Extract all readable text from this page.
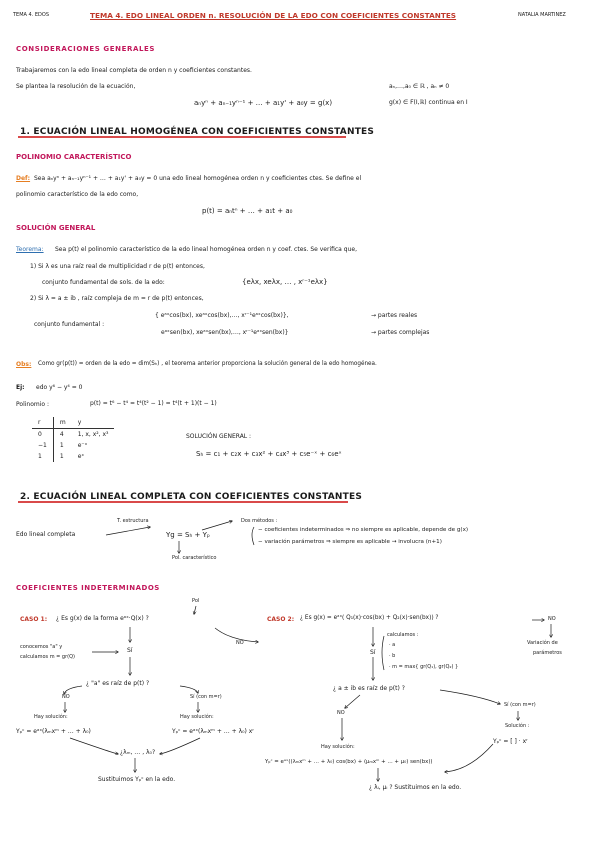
TEMA 4. EDOS	TEMA 4. EDO LINEAL ORDEN n. RESOLUCIÓN DE LA EDO CON COEFICIENTES CONSTANTES	NATALIA MARTINEZ
CONSIDERACIONES GENERALES
Trabajaremos con la edo lineal completa de orden n y coeficientes constantes.
Se plantea la resolución de la ecuación,
aₙyⁿ + aₙ₋₁yⁿ⁻¹ + … + a₁y' + a₀y = g(x)
aₙ,…,a₀ ∈ ℝ , aₙ ≠ 0
g(x) ∈ F(I,ℝ) continua en I
1. ECUACIÓN LINEAL HOMOGÉNEA CON COEFICIENTES CONSTANTES
POLINOMIO CARACTERÍSTICO
Def: Sea aₙyⁿ + aₙ₋₁yⁿ⁻¹ + … + a₁y' + a₀y = 0 una edo lineal homogénea orden n y coeficientes ctes. Se define el
polinomio característico de la edo como,
p(t) = aₙtⁿ + … + a₁t + a₀
SOLUCIÓN GENERAL
Teorema: Sea p(t) el polinomio característico de la edo lineal homogénea orden n y coef. ctes. Se verifica que,
1) Si λ es una raíz real de multiplicidad r de p(t) entonces,
conjunto fundamental de sols. de la edo:	{eλx, xeλx, … , xʳ⁻¹eλx}
2) Si λ = a ± ib , raíz compleja de m = r de p(t) entonces,
conjunto fundamental :
{ eᵃˣcos(bx), xeᵃˣcos(bx),…, xʳ⁻¹eᵃˣcos(bx)},	→ partes reales
eᵃˣsen(bx), xeᵃˣsen(bx),…, xʳ⁻¹eᵃˣsen(bx)}	→ partes complejas
Obs: Como gr(p(t)) = orden de la edo = dim(Sₕ) , el teorema anterior proporciona la solución general de la edo homogénea.
Ej: edo y⁶ − y⁴ = 0
Polinomio :	p(t) = t⁶ − t⁴ = t⁴(t² − 1) = t⁴(t + 1)(t − 1)
r	m	y
0	4	1, x, x², x³
−1	1	e⁻ˣ
1	1	eˣ
SOLUCIÓN GENERAL :
Sₕ = c₁ + c₂x + c₃x² + c₄x³ + c₅e⁻ˣ + c₆eˣ
2. ECUACIÓN LINEAL COMPLETA CON COEFICIENTES CONSTANTES
T. estructura
Edo lineal completa	Yg = Sₕ + Yₚ
Dos métodos :
− coeficientes indeterminados ⇒ no siempre es aplicable, depende de g(x)
− variación parámetros ⇒ siempre es aplicable ⇝ involucra (n+1)
Pol. característico
COEFICIENTES INDETERMINADOS
Pol
CASO 1: ¿ Es g(x) de la forma eᵃˣ·Q(x) ?
NO
conocemos "a" y
calculamos m = gr(Q)
Sí
¿ "a" es raíz de p(t) ?
NO	Sí (con m=r)
Hay solución:
Yₚᶜ = eᵃˣ(λₘxᵐ + … + λ₀)
Hay solución:
Yₚᶜ = eᵃˣ(λₘxᵐ + … + λ₀) xʳ
¿λₘ, … , λ₀?
Sustituimos Yₚᶜ en la edo.
CASO 2: ¿ Es g(x) = eᵃˣ( Q₁(x)·cos(bx) + Q₂(x)·sen(bx)) ?	NO
Variación de
parámetros
calculamos :
· a
· b
· m = max{ gr(Q₁), gr(Q₂) }
Sí
¿ a ± ib es raíz de p(t) ?
NO
Sí (con m=r)
Solución :
Yₚᶜ = [ ] · xʳ
Hay solución:
Yₚᶜ = eᵃˣ((λₘxᵐ + … + λ₀) cos(bx) + (μₘxᵐ + … + μ₀) sen(bx))
¿ λᵢ, μᵢ ? Sustituimos en la edo.
